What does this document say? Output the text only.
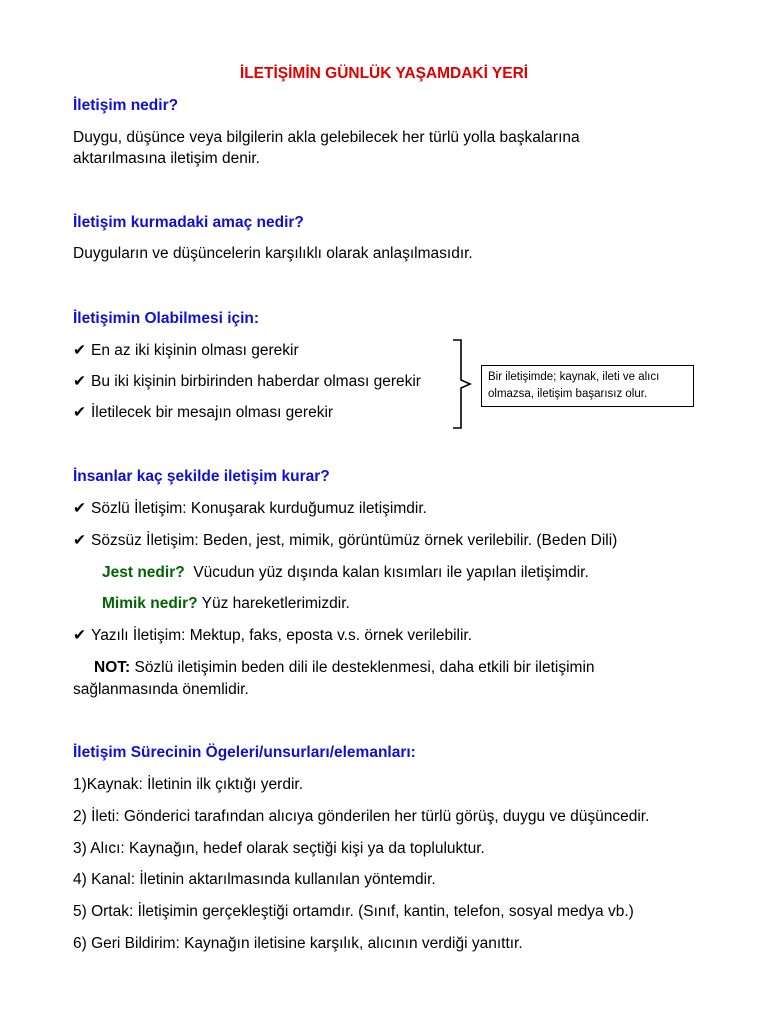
İLETİŞİMİN GÜNLÜK YAŞAMDAKİ YERİ
İletişim nedir?
Duygu, düşünce veya bilgilerin akla gelebilecek her türlü yolla başkalarına
aktarılmasına iletişim denir.
İletişim kurmadaki amaç nedir?
Duyguların ve düşüncelerin karşılıklı olarak anlaşılmasıdır.
İletişimin Olabilmesi için:
✔ En az iki kişinin olması gerekir
✔ Bu iki kişinin birbirinden haberdar olması gerekir
✔ İletilecek bir mesajın olması gerekir
Bir iletişimde; kaynak, ileti ve alıcı
olmazsa, iletişim başarısız olur.
İnsanlar kaç şekilde iletişim kurar?
✔ Sözlü İletişim: Konuşarak kurduğumuz iletişimdir.
✔ Sözsüz İletişim: Beden, jest, mimik, görüntümüz örnek verilebilir. (Beden Dili)
Jest nedir?  Vücudun yüz dışında kalan kısımları ile yapılan iletişimdir.
Mimik nedir? Yüz hareketlerimizdir.
✔ Yazılı İletişim: Mektup, faks, eposta v.s. örnek verilebilir.
NOT: Sözlü iletişimin beden dili ile desteklenmesi, daha etkili bir iletişimin
sağlanmasında önemlidir.
İletişim Sürecinin Ögeleri/unsurları/elemanları:
1)Kaynak: İletinin ilk çıktığı yerdir.
2) İleti: Gönderici tarafından alıcıya gönderilen her türlü görüş, duygu ve düşüncedir.
3) Alıcı: Kaynağın, hedef olarak seçtiği kişi ya da topluluktur.
4) Kanal: İletinin aktarılmasında kullanılan yöntemdir.
5) Ortak: İletişimin gerçekleştiği ortamdır. (Sınıf, kantin, telefon, sosyal medya vb.)
6) Geri Bildirim: Kaynağın iletisine karşılık, alıcının verdiği yanıttır.
